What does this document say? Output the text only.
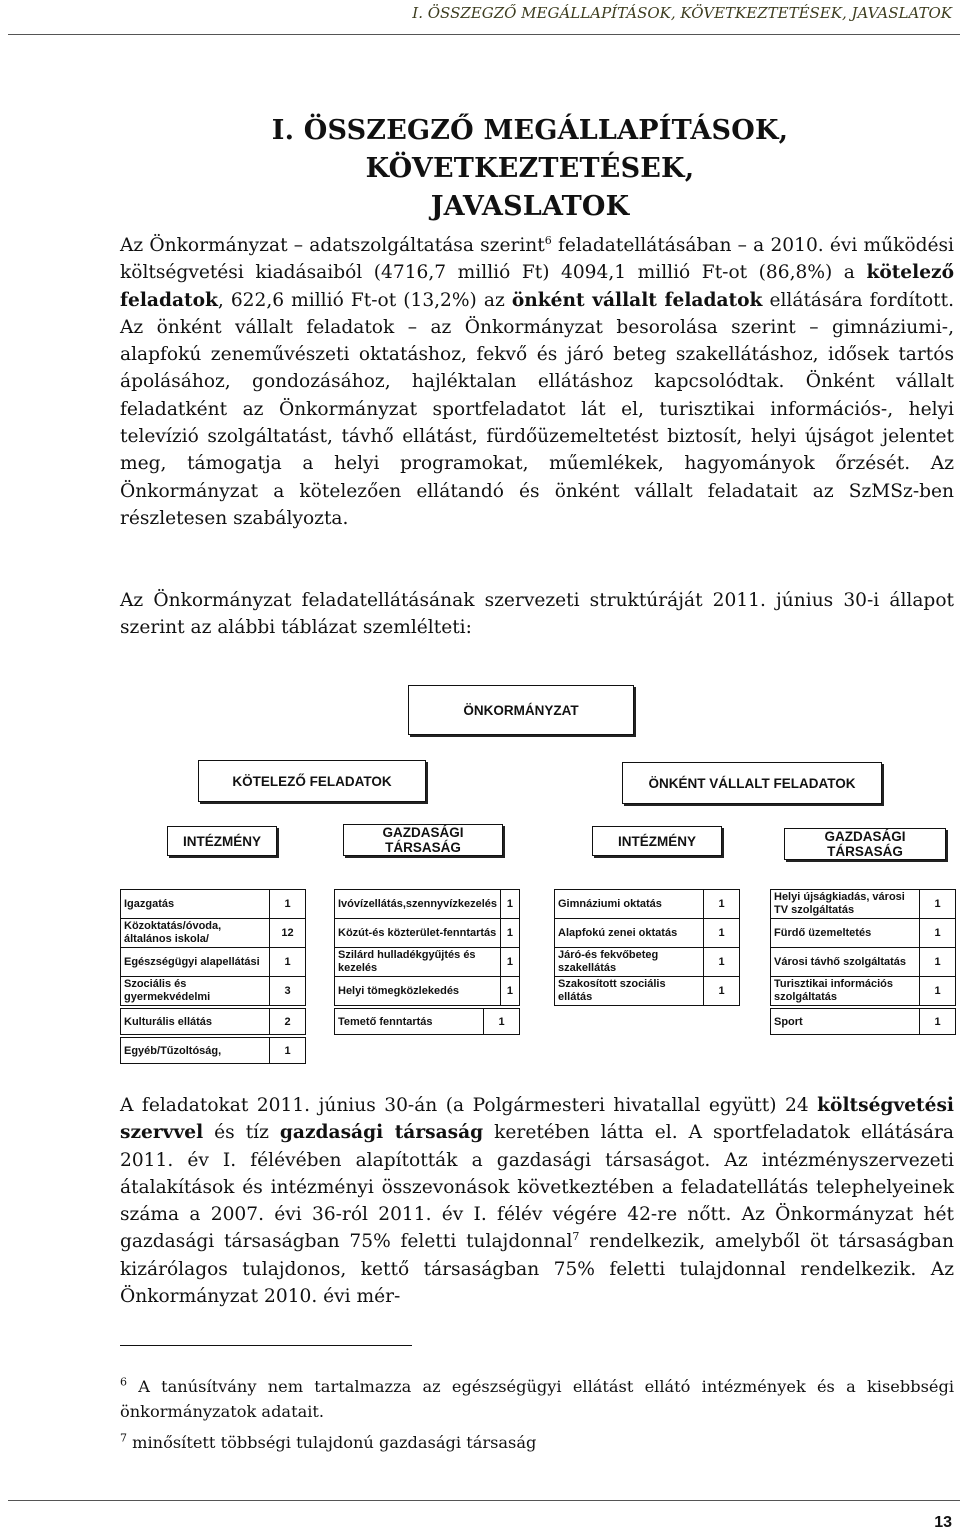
I. ÖSSZEGZŐ MEGÁLLAPÍTÁSOK, KÖVETKEZTETÉSEK, JAVASLATOK
I. ÖSSZEGZŐ MEGÁLLAPÍTÁSOK, KÖVETKEZTETÉSEK,
JAVASLATOK
Az Önkormányzat – adatszolgáltatása szerint$^6$ feladatellátásában – a 2010. évi működési költségvetési kiadásaiból (4716,7 millió Ft) 4094,1 millió Ft-ot (86,8%) a kötelező feladatok, 622,6 millió Ft-ot (13,2%) az önként vállalt feladatok ellátására fordított. Az önként vállalt feladatok – az Önkormányzat besorolása szerint – gimnáziumi-, alapfokú zeneművészeti oktatáshoz, fekvő és járó beteg szakellátáshoz, idősek tartós ápolásához, gondozásához, hajléktalan ellátáshoz kapcsolódtak. Önként vállalt feladatként az Önkormányzat sportfeladatot lát el, turisztikai információs-, helyi televízió szolgáltatást, távhő ellátást, fürdőüzemeltetést biztosít, helyi újságot jelentet meg, támogatja a helyi programokat, műemlékek, hagyományok őrzését. Az Önkormányzat a kötelezően ellátandó és önként vállalt feladatait az SzMSz-ben részletesen szabályozta.
Az Önkormányzat feladatellátásának szervezeti struktúráját 2011. június 30-i állapot szerint az alábbi táblázat szemlélteti:
ÖNKORMÁNYZAT
KÖTELEZŐ FELADATOK	ÖNKÉNT VÁLLALT FELADATOK
INTÉZMÉNY
GAZDASÁGI TÁRSASÁG	INTÉZMÉNY	GAZDASÁGI TÁRSASÁG
Igazgatás	1
Közoktatás/óvoda, általános iskola/	12
Egészségügyi alapellátási	1
Szociális és gyermekvédelmi	3
Kulturális ellátás	2
Egyéb/Tűzoltóság,	1
Ivóvízellátás,szennyvízkezelés	1
Közút-és közterület-fenntartás	1
Szilárd hulladékgyűjtés és kezelés	1
Helyi tömegközlekedés	1
Temető fenntartás	1
Gimnáziumi oktatás	1
Alapfokú zenei oktatás	1
Járó-és fekvőbeteg szakellátás	1
Szakosított szociális ellátás	1
Helyi újságkiadás, városi TV szolgáltatás	1
Fürdő üzemeltetés	1
Városi távhő szolgáltatás	1
Turisztikai információs szolgáltatás	1
Sport	1
A feladatokat 2011. június 30-án (a Polgármesteri hivatallal együtt) 24 költségvetési szervvel és tíz gazdasági társaság keretében látta el. A sportfeladatok ellátására 2011. év I. félévében alapították a gazdasági társaságot. Az intézményszervezeti átalakítások és intézményi összevonások következtében a feladatellátás telephelyeinek száma a 2007. évi 36-ról 2011. év I. félév végére 42-re nőtt. Az Önkormányzat hét gazdasági társaságban 75% feletti tulajdonnal$^7$ rendelkezik, amelyből öt társaságban kizárólagos tulajdonos, kettő társaságban 75% feletti tulajdonnal rendelkezik. Az Önkormányzat 2010. évi mér-
$^6$ A tanúsítvány nem tartalmazza az egészségügyi ellátást ellátó intézmények és a kisebbségi önkormányzatok adatait.
$^7$ minősített többségi tulajdonú gazdasági társaság
13
